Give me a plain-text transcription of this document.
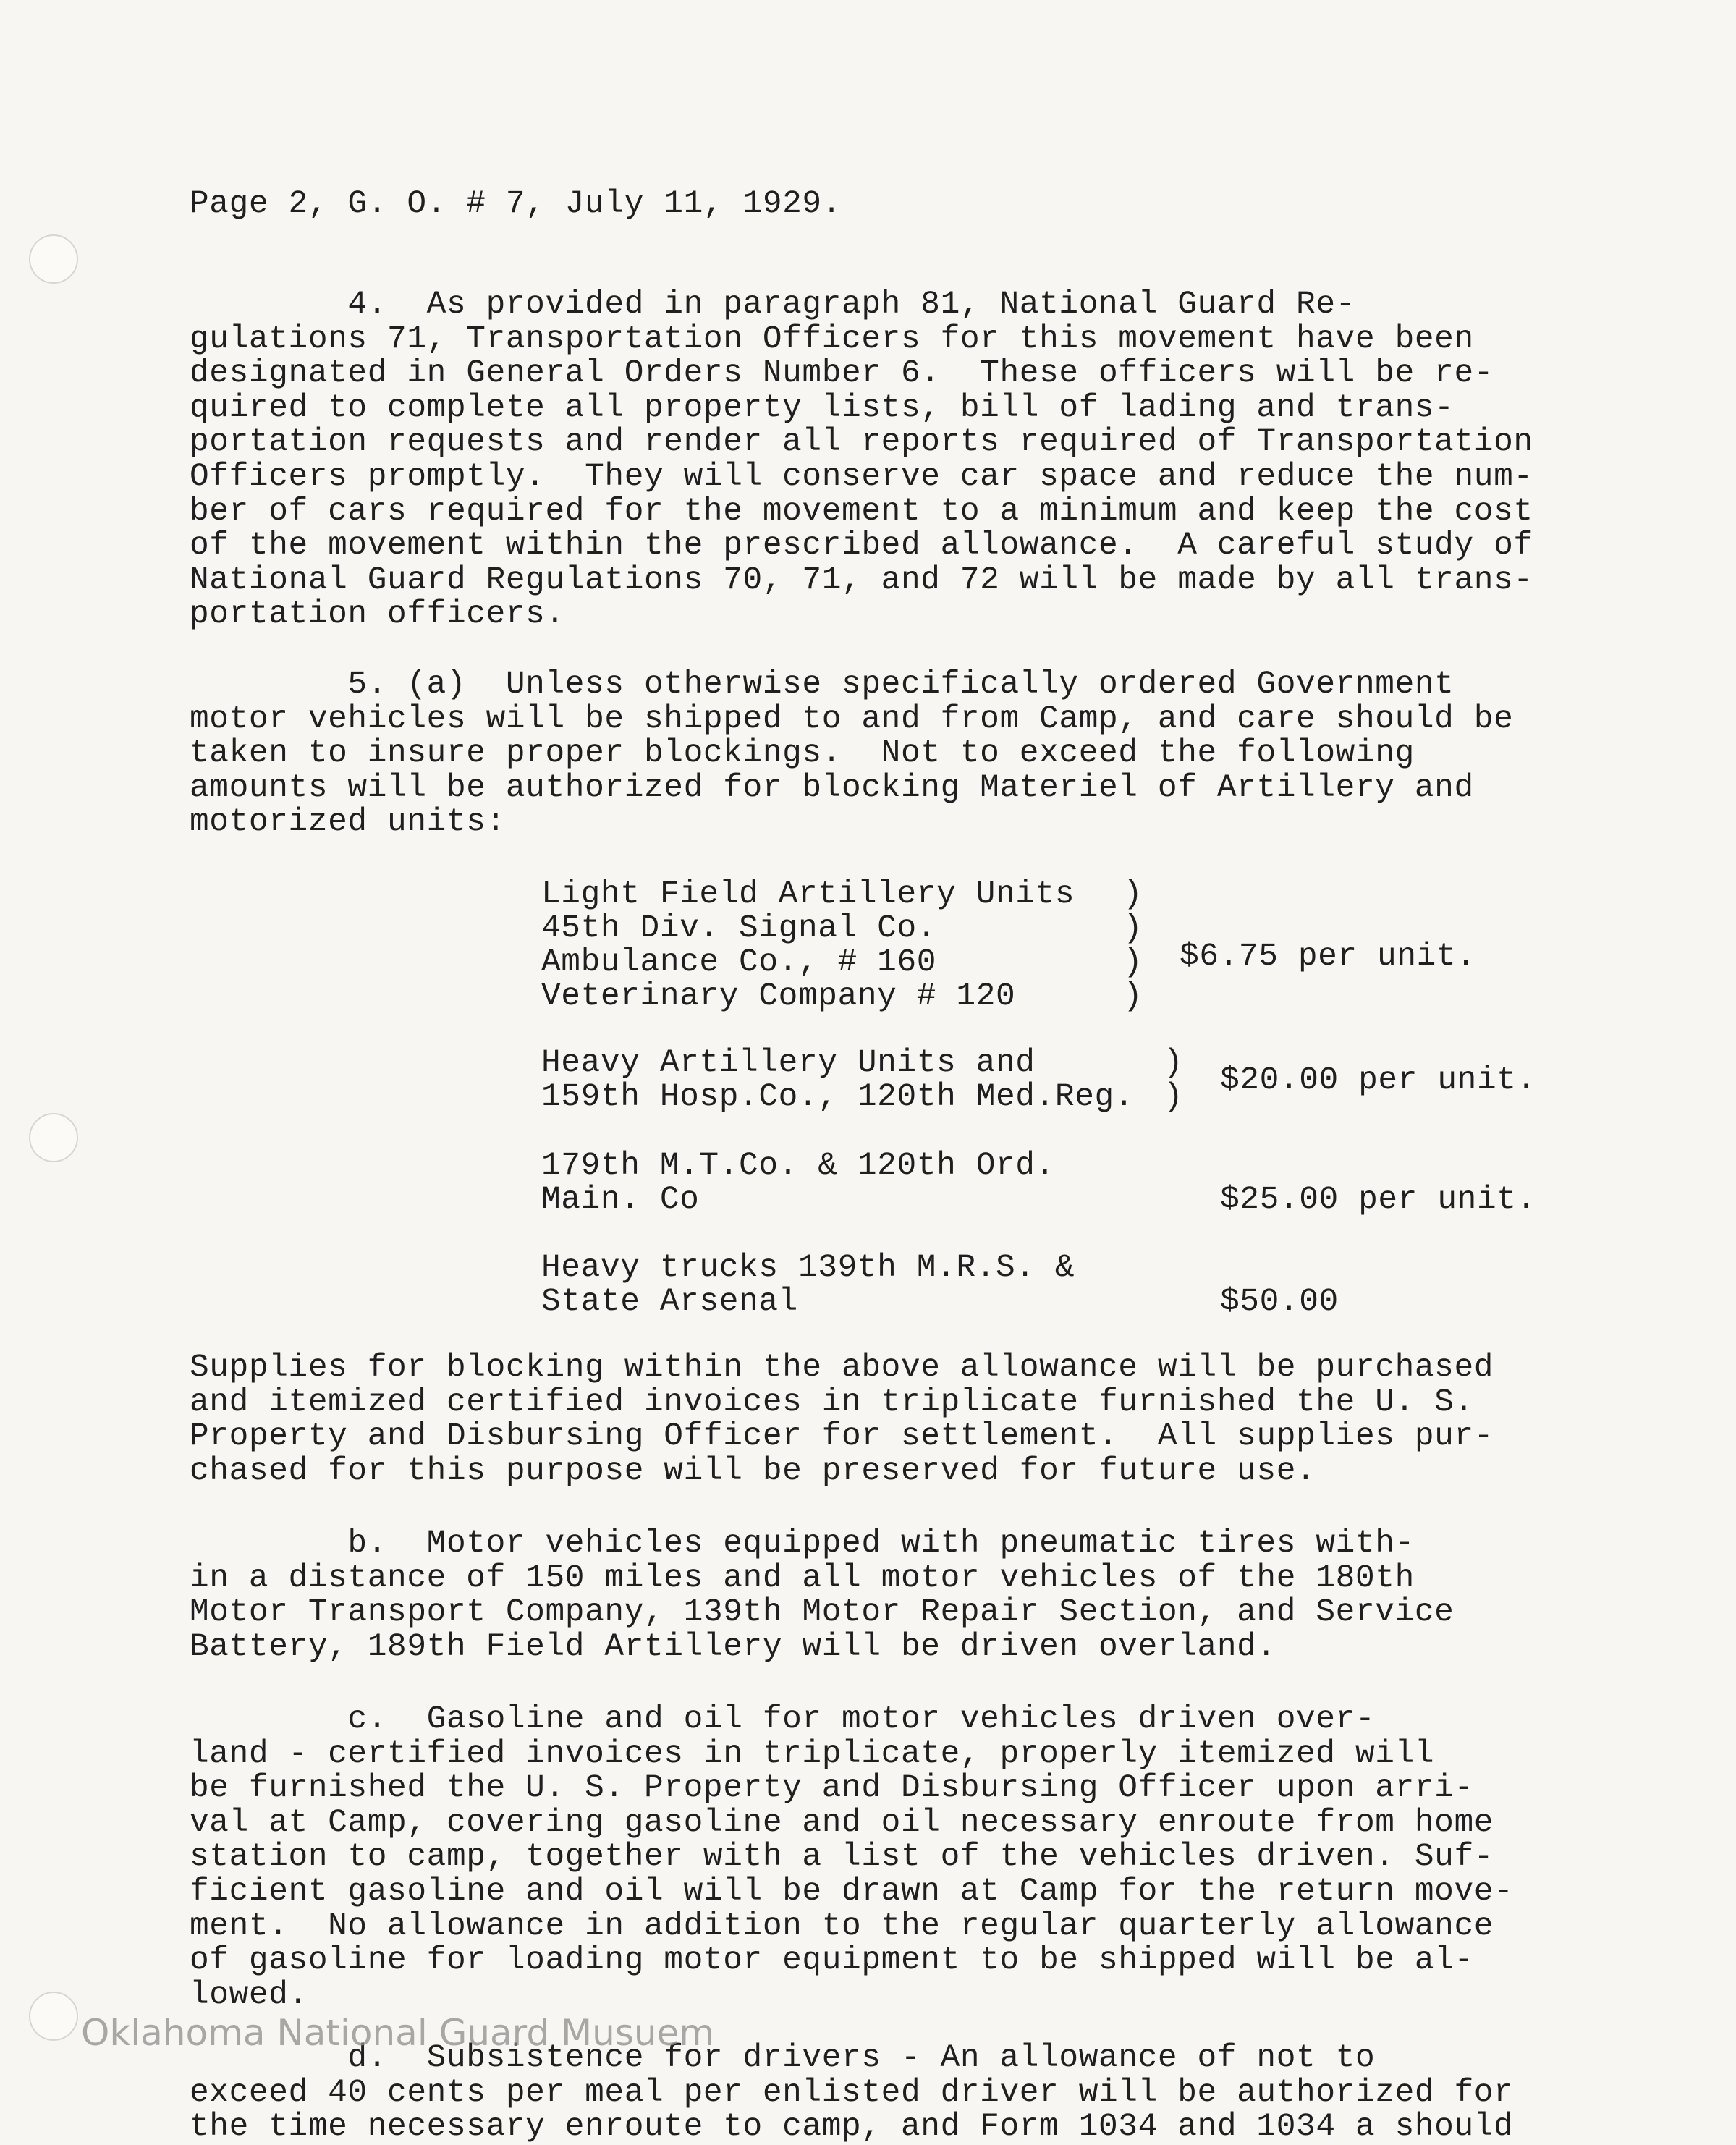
Page 2, G. O. # 7, July 11, 1929.
4.  As provided in paragraph 81, National Guard Re-
gulations 71, Transportation Officers for this movement have been
designated in General Orders Number 6.  These officers will be re-
quired to complete all property lists, bill of lading and trans-
portation requests and render all reports required of Transportation
Officers promptly.  They will conserve car space and reduce the num-
ber of cars required for the movement to a minimum and keep the cost
of the movement within the prescribed allowance.  A careful study of
National Guard Regulations 70, 71, and 72 will be made by all trans-
portation officers.
5. (a)  Unless otherwise specifically ordered Government
motor vehicles will be shipped to and from Camp, and care should be
taken to insure proper blockings.  Not to exceed the following
amounts will be authorized for blocking Materiel of Artillery and
motorized units:
Light Field Artillery Units
45th Div. Signal Co.
Ambulance Co., # 160
Veterinary Company # 120
)
)
)
)
$6.75 per unit.
Heavy Artillery Units and
159th Hosp.Co., 120th Med.Reg.
)
) $20.00 per unit.
179th M.T.Co. & 120th Ord.
Main. Co	$25.00 per unit.
Heavy trucks 139th M.R.S. &
State Arsenal	$50.00
Supplies for blocking within the above allowance will be purchased
and itemized certified invoices in triplicate furnished the U. S.
Property and Disbursing Officer for settlement.  All supplies pur-
chased for this purpose will be preserved for future use.
b.  Motor vehicles equipped with pneumatic tires with-
in a distance of 150 miles and all motor vehicles of the 180th
Motor Transport Company, 139th Motor Repair Section, and Service
Battery, 189th Field Artillery will be driven overland.
c.  Gasoline and oil for motor vehicles driven over-
land - certified invoices in triplicate, properly itemized will
be furnished the U. S. Property and Disbursing Officer upon arri-
val at Camp, covering gasoline and oil necessary enroute from home
station to camp, together with a list of the vehicles driven. Suf-
ficient gasoline and oil will be drawn at Camp for the return move-
ment.  No allowance in addition to the regular quarterly allowance
of gasoline for loading motor equipment to be shipped will be al-
lowed.
d.  Subsistence for drivers - An allowance of not to
exceed 40 cents per meal per enlisted driver will be authorized for
the time necessary enroute to camp, and Form 1034 and 1034 a should
Oklahoma National Guard Musuem
